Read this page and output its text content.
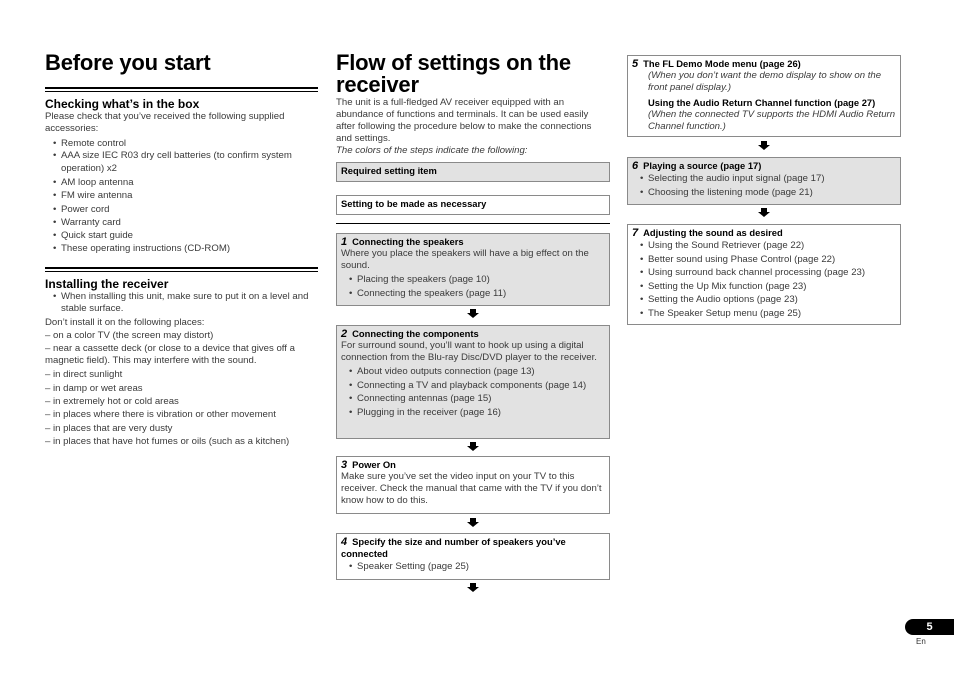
Before you start
Checking what’s in the box

Please check that you’ve received the following supplied accessories:

• Remote control
• AAA size IEC R03 dry cell batteries (to confirm system operation) x2
• AM loop antenna
• FM wire antenna
• Power cord
• Warranty card
• Quick start guide
• These operating instructions (CD-ROM)
Installing the receiver
• When installing this unit, make sure to put it on a level and stable surface.

Don’t install it on the following places:

– on a color TV (the screen may distort)
– near a cassette deck (or close to a device that gives off a magnetic field). This may interfere with the sound.
– in direct sunlight
– in damp or wet areas
– in extremely hot or cold areas
– in places where there is vibration or other movement
– in places that are very dusty
– in places that have hot fumes or oils (such as a kitchen)
Flow of settings on the receiver

The unit is a full-fledged AV receiver equipped with an abundance of functions and terminals. It can be used easily after following the procedure below to make the connections and settings.

The colors of the steps indicate the following:

Required setting item
Setting to be made as necessary
1 Connecting the speakers

Where you place the speakers will have a big effect on the sound.

• Placing the speakers (page 10)
• Connecting the speakers (page 11)
2 Connecting the components

For surround sound, you’ll want to hook up using a digital connection from the Blu-ray Disc/DVD player to the receiver.

• About video outputs connection (page 13)
• Connecting a TV and playback components (page 14)
• Connecting antennas (page 15)
• Plugging in the receiver (page 16)
3 Power On

Make sure you’ve set the video input on your TV to this receiver. Check the manual that came with the TV if you don’t know how to do this.

4 Specify the size and number of speakers you’ve connected
• Speaker Setting (page 25)
5 The FL Demo Mode menu (page 26)

(When you don’t want the demo display to show on the front panel display.)

Using the Audio Return Channel function (page 27)

(When the connected TV supports the HDMI Audio Return Channel function.)

6 Playing a source (page 17)
• Selecting the audio input signal (page 17)
• Choosing the listening mode (page 21)
7 Adjusting the sound as desired
• Using the Sound Retriever (page 22)
• Better sound using Phase Control (page 22)
• Using surround back channel processing (page 23)
• Setting the Up Mix function (page 23)
• Setting the Audio options (page 23)
• The Speaker Setup menu (page 25)
5
En
